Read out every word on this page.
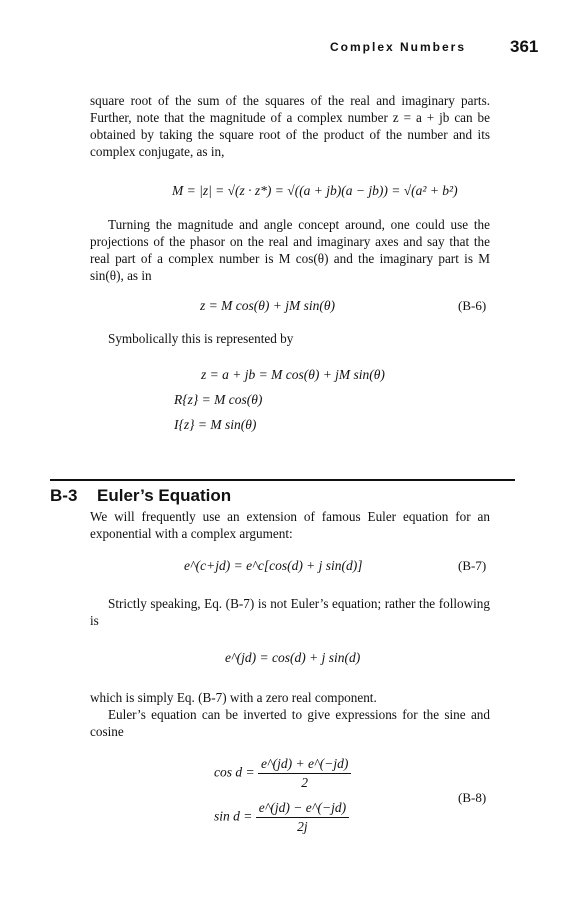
Complex Numbers	361
square root of the sum of the squares of the real and imaginary parts. Further, note that the magnitude of a complex number z = a + jb can be obtained by taking the square root of the product of the number and its complex conjugate, as in,
M = |z| = √(z · z*) = √((a + jb)(a − jb)) = √(a² + b²)
Turning the magnitude and angle concept around, one could use the projections of the phasor on the real and imaginary axes and say that the real part of a complex number is M cos(θ) and the imaginary part is M sin(θ), as in
z = M cos(θ) + jM sin(θ)	(B-6)
Symbolically this is represented by
z = a + jb = M cos(θ) + jM sin(θ)
R{z} = M cos(θ)
I{z} = M sin(θ)
B-3 Euler’s Equation
We will frequently use an extension of famous Euler equation for an exponential with a complex argument:
e^(c+jd) = e^c[cos(d) + j sin(d)]	(B-7)
Strictly speaking, Eq. (B-7) is not Euler’s equation; rather the following is
e^(jd) = cos(d) + j sin(d)
which is simply Eq. (B-7) with a zero real component.
Euler’s equation can be inverted to give expressions for the sine and cosine
$\cos d = \frac{e\^{}(jd) + e\^{}(-jd)}{2}$
$\sin d = \frac{e\^{}(jd) - e\^{}(-jd)}{2j}$
(B-8)
